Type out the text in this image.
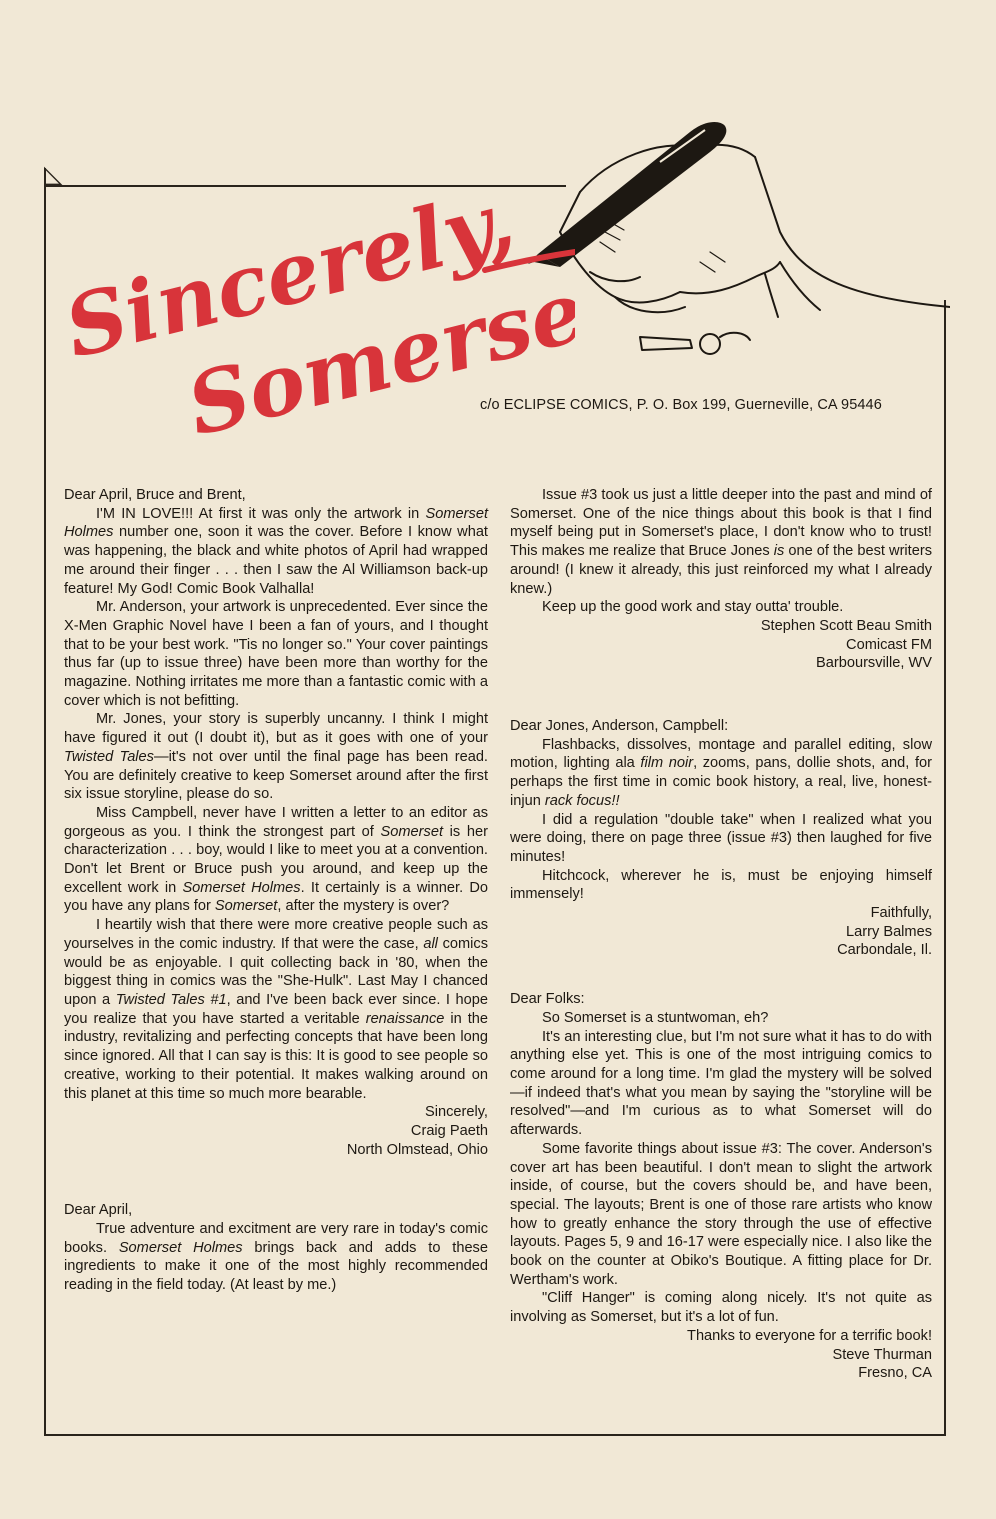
◺
Sincerely,
Somerset
c/o ECLIPSE COMICS, P. O. Box 199, Guerneville, CA 95446

Dear April, Bruce and Brent,

I'M IN LOVE!!! At first it was only the artwork in Somerset Holmes number one, soon it was the cover. Before I know what was happening, the black and white photos of April had wrapped me around their finger . . . then I saw the Al Williamson back-up feature! My God! Comic Book Valhalla!

Mr. Anderson, your artwork is unprecedented. Ever since the X-Men Graphic Novel have I been a fan of yours, and I thought that to be your best work. "Tis no longer so." Your cover paintings thus far (up to issue three) have been more than worthy for the magazine. Nothing irritates me more than a fantastic comic with a cover which is not befitting.

Mr. Jones, your story is superbly uncanny. I think I might have figured it out (I doubt it), but as it goes with one of your Twisted Tales—it's not over until the final page has been read. You are definitely creative to keep Somerset around after the first six issue storyline, please do so.

Miss Campbell, never have I written a letter to an editor as gorgeous as you. I think the strongest part of Somerset is her characterization . . . boy, would I like to meet you at a convention. Don't let Brent or Bruce push you around, and keep up the excellent work in Somerset Holmes. It certainly is a winner. Do you have any plans for Somerset, after the mystery is over?

I heartily wish that there were more creative people such as yourselves in the comic industry. If that were the case, all comics would be as enjoyable. I quit collecting back in '80, when the biggest thing in comics was the "She-Hulk". Last May I chanced upon a Twisted Tales #1, and I've been back ever since. I hope you realize that you have started a veritable renaissance in the industry, revitalizing and perfecting concepts that have been long since ignored. All that I can say is this: It is good to see people so creative, working to their potential. It makes walking around on this planet at this time so much more bearable.

Sincerely,
Craig Paeth
North Olmstead, Ohio

Dear April,

True adventure and excitment are very rare in today's comic books. Somerset Holmes brings back and adds to these ingredients to make it one of the most highly recommended reading in the field today. (At least by me.)

Issue #3 took us just a little deeper into the past and mind of Somerset. One of the nice things about this book is that I find myself being put in Somerset's place, I don't know who to trust! This makes me realize that Bruce Jones is one of the best writers around! (I knew it already, this just reinforced my what I already knew.)

Keep up the good work and stay outta' trouble.

Stephen Scott Beau Smith
Comicast FM
Barboursville, WV

Dear Jones, Anderson, Campbell:

Flashbacks, dissolves, montage and parallel editing, slow motion, lighting ala film noir, zooms, pans, dollie shots, and, for perhaps the first time in comic book history, a real, live, honest-injun rack focus!!

I did a regulation "double take" when I realized what you were doing, there on page three (issue #3) then laughed for five minutes!

Hitchcock, wherever he is, must be enjoying himself immensely!

Faithfully,
Larry Balmes
Carbondale, Il.

Dear Folks:

So Somerset is a stuntwoman, eh?

It's an interesting clue, but I'm not sure what it has to do with anything else yet. This is one of the most intriguing comics to come around for a long time. I'm glad the mystery will be solved—if indeed that's what you mean by saying the "storyline will be resolved"—and I'm curious as to what Somerset will do afterwards.

Some favorite things about issue #3: The cover. Anderson's cover art has been beautiful. I don't mean to slight the artwork inside, of course, but the covers should be, and have been, special. The layouts; Brent is one of those rare artists who know how to greatly enhance the story through the use of effective layouts. Pages 5, 9 and 16-17 were especially nice. I also like the book on the counter at Obiko's Boutique. A fitting place for Dr. Wertham's work.

"Cliff Hanger" is coming along nicely. It's not quite as involving as Somerset, but it's a lot of fun.

Thanks to everyone for a terrific book!

Steve Thurman
Fresno, CA
